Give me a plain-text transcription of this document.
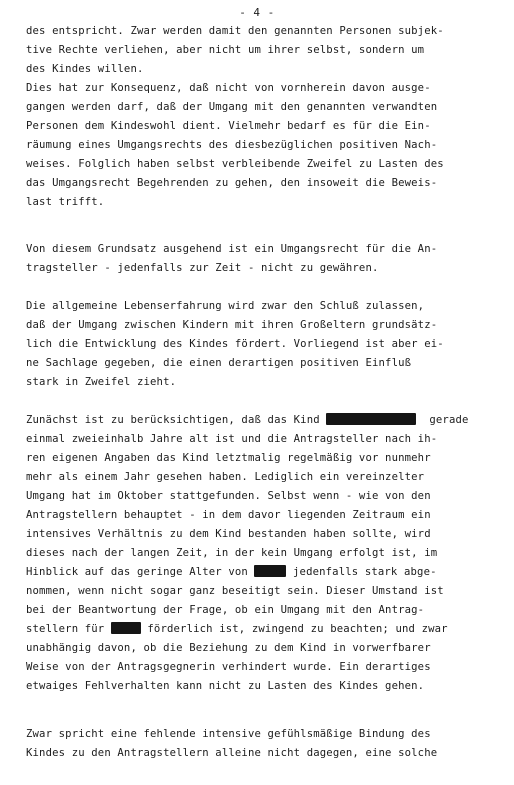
- 4 -
des entspricht. Zwar werden damit den genannten Personen subjek-
tive Rechte verliehen, aber nicht um ihrer selbst, sondern um
des Kindes willen.
Dies hat zur Konsequenz, daß nicht von vornherein davon ausge-
gangen werden darf, daß der Umgang mit den genannten verwandten
Personen dem Kindeswohl dient. Vielmehr bedarf es für die Ein-
räumung eines Umgangsrechts des diesbezüglichen positiven Nach-
weises. Folglich haben selbst verbleibende Zweifel zu Lasten des
das Umgangsrecht Begehrenden zu gehen, den insoweit die Beweis-
last trifft.
Von diesem Grundsatz ausgehend ist ein Umgangsrecht für die An-
tragsteller - jedenfalls zur Zeit - nicht zu gewähren.
Die allgemeine Lebenserfahrung wird zwar den Schluß zulassen,
daß der Umgang zwischen Kindern mit ihren Großeltern grundsätz-
lich die Entwicklung des Kindes fördert. Vorliegend ist aber ei-
ne Sachlage gegeben, die einen derartigen positiven Einfluß
stark in Zweifel zieht.
Zunächst ist zu berücksichtigen, daß das Kind	gerade
einmal zweieinhalb Jahre alt ist und die Antragsteller nach ih-
ren eigenen Angaben das Kind letztmalig regelmäßig vor nunmehr
mehr als einem Jahr gesehen haben. Lediglich ein vereinzelter
Umgang hat im Oktober stattgefunden. Selbst wenn - wie von den
Antragstellern behauptet - in dem davor liegenden Zeitraum ein
intensives Verhältnis zu dem Kind bestanden haben sollte, wird
dieses nach der langen Zeit, in der kein Umgang erfolgt ist, im
Hinblick auf das geringe Alter von	jedenfalls stark abge-
nommen, wenn nicht sogar ganz beseitigt sein. Dieser Umstand ist
bei der Beantwortung der Frage, ob ein Umgang mit den Antrag-
stellern für	förderlich ist, zwingend zu beachten; und zwar
unabhängig davon, ob die Beziehung zu dem Kind in vorwerfbarer
Weise von der Antragsgegnerin verhindert wurde. Ein derartiges
etwaiges Fehlverhalten kann nicht zu Lasten des Kindes gehen.
Zwar spricht eine fehlende intensive gefühlsmäßige Bindung des
Kindes zu den Antragstellern alleine nicht dagegen, eine solche
